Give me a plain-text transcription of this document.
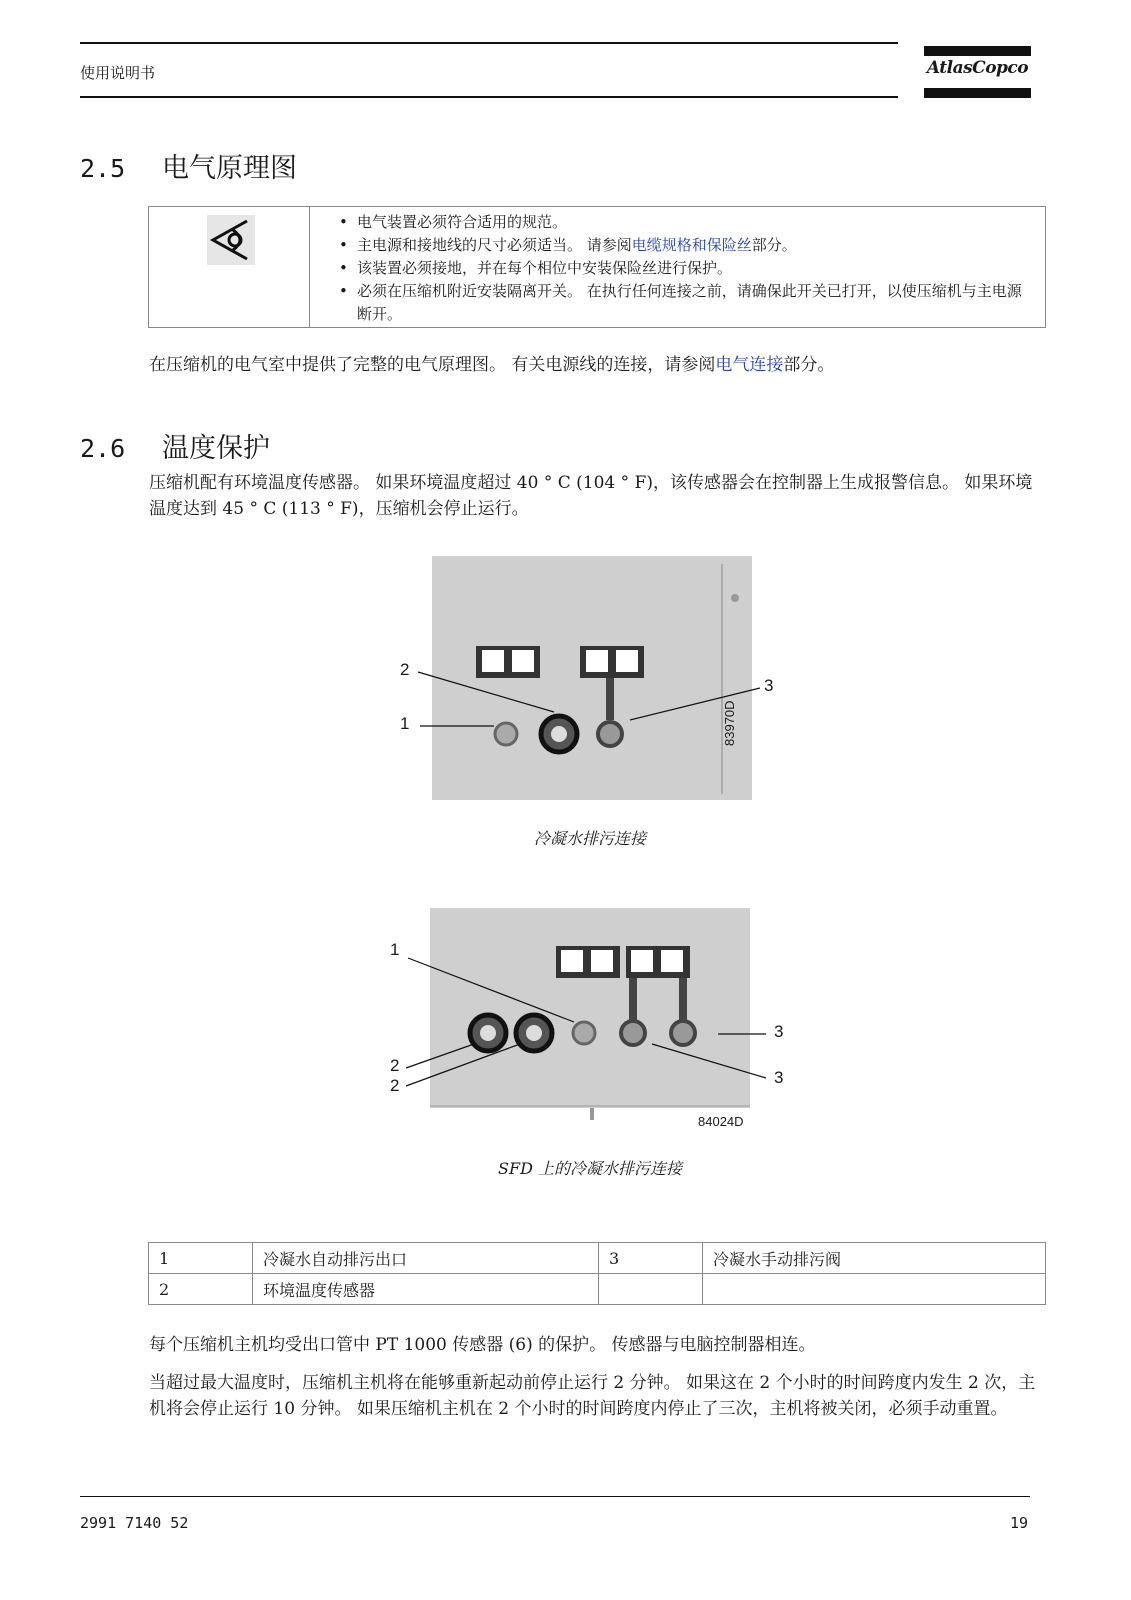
使用说明书	AtlasCopco
2.5 电气原理图
• 电气装置必须符合适用的规范。
• 主电源和接地线的尺寸必须适当。 请参阅电缆规格和保险丝部分。
• 该装置必须接地，并在每个相位中安装保险丝进行保护。
• 必须在压缩机附近安装隔离开关。 在执行任何连接之前，请确保此开关已打开，以使压缩机与主电源断开。

在压缩机的电气室中提供了完整的电气原理图。 有关电源线的连接，请参阅电气连接部分。

2.6 温度保护

压缩机配有环境温度传感器。 如果环境温度超过 40 ° C (104 ° F)，该传感器会在控制器上生成报警信息。 如果环境温度达到 45 ° C (113 ° F)，压缩机会停止运行。

83970D
2
1
3
冷凝水排污连接
1
2
2
3
3
84024D
SFD 上的冷凝水排污连接
1	冷凝水自动排污出口	3	冷凝水手动排污阀
2	环境温度传感器		

每个压缩机主机均受出口管中 PT 1000 传感器 (6) 的保护。 传感器与电脑控制器相连。

当超过最大温度时，压缩机主机将在能够重新起动前停止运行 2 分钟。 如果这在 2 个小时的时间跨度内发生 2 次，主机将会停止运行 10 分钟。 如果压缩机主机在 2 个小时的时间跨度内停止了三次，主机将被关闭，必须手动重置。

2991 7140 52	19
